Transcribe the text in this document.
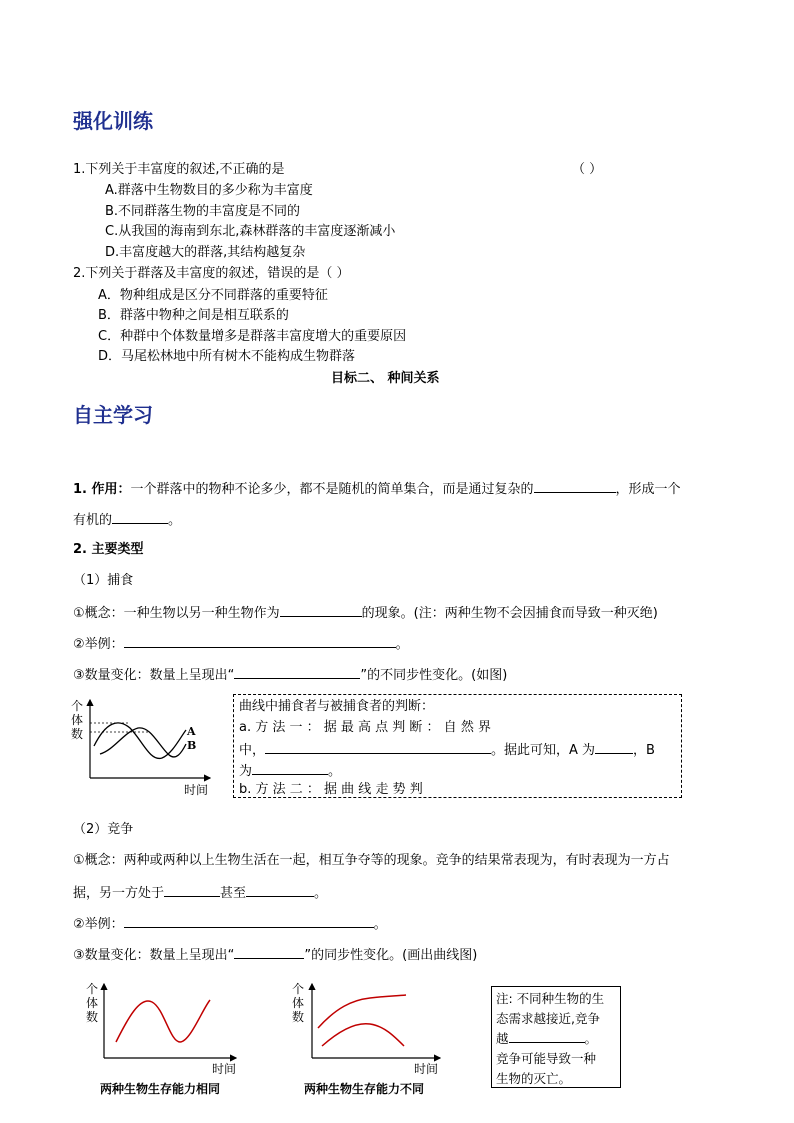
强化训练
1.下列关于丰富度的叙述,不正确的是	（ ）
A.群落中生物数目的多少称为丰富度
B.不同群落生物的丰富度是不同的
C.从我国的海南到东北,森林群落的丰富度逐渐减小
D.丰富度越大的群落,其结构越复杂
2.下列关于群落及丰富度的叙述，错误的是（ ）
A．物种组成是区分不同群落的重要特征
B．群落中物种之间是相互联系的
C．种群中个体数量增多是群落丰富度增大的重要原因
D．马尾松林地中所有树木不能构成生物群落
目标二、 种间关系
自主学习
1. 作用：一个群落中的物种不论多少，都不是随机的简单集合，而是通过复杂的	，形成一个
有机的	。
2. 主要类型
（1）捕食
①概念：一种生物以另一种生物作为	的现象。(注：两种生物不会因捕食而导致一种灭绝)
②举例：	。
③数量变化：数量上呈现出“	”的不同步性变化。(如图)
个
体
数	A
B
时间
曲线中捕食者与被捕食者的判断：
a. 方 法 一 ： 据 最 高 点 判 断 ： 自 然 界
中，	。据此可知，A 为	，B
为	。
b. 方 法 二 ： 据 曲 线 走 势 判
（2）竞争
①概念：两种或两种以上生物生活在一起，相互争夺等的现象。竞争的结果常表现为，有时表现为一方占
据，另一方处于	甚至	。
②举例：	。
③数量变化：数量上呈现出“	”的同步性变化。(画出曲线图)
个
体
数
时间
两种生物生存能力相同
个
体
数
时间
两种生物生存能力不同
注: 不同种生物的生
态需求越接近,竞争
越	。
竞争可能导致一种
生物的灭亡。
